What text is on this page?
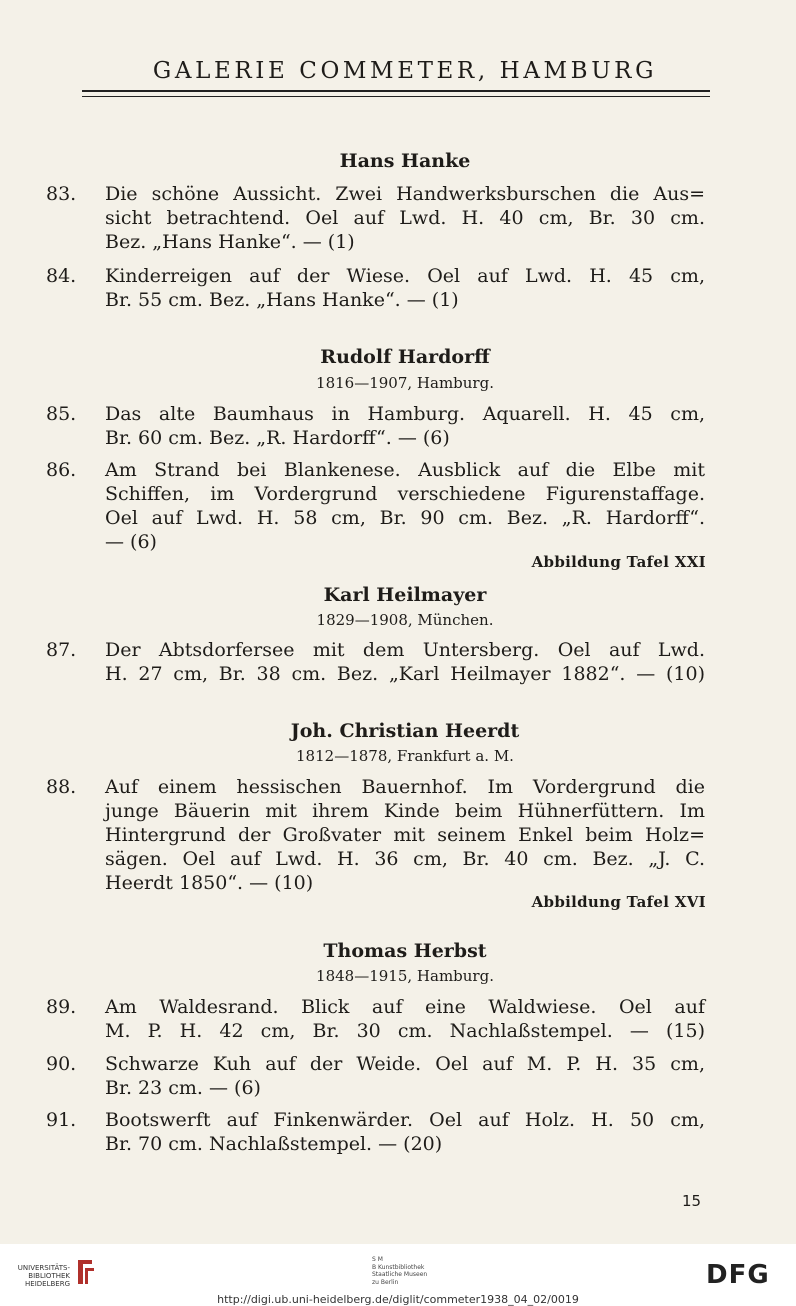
GALERIE COMMETER, HAMBURG
Hans Hanke
83.	Die schöne Aussicht. Zwei Handwerksburschen die Aus=
sicht betrachtend. Oel auf Lwd. H. 40 cm, Br. 30 cm.
Bez. „Hans Hanke“. — (1)
84.	Kinderreigen auf der Wiese. Oel auf Lwd. H. 45 cm,
Br. 55 cm. Bez. „Hans Hanke“. — (1)
Rudolf Hardorff
1816—1907, Hamburg.
85.	Das alte Baumhaus in Hamburg. Aquarell. H. 45 cm,
Br. 60 cm. Bez. „R. Hardorff“. — (6)
86.	Am Strand bei Blankenese. Ausblick auf die Elbe mit
Schiffen, im Vordergrund verschiedene Figurenstaffage.
Oel auf Lwd. H. 58 cm, Br. 90 cm. Bez. „R. Hardorff“.
— (6)
Abbildung Tafel XXI
Karl Heilmayer
1829—1908, München.
87.	Der Abtsdorfersee mit dem Untersberg. Oel auf Lwd.
H. 27 cm, Br. 38 cm. Bez. „Karl Heilmayer 1882“. — (10)
Joh. Christian Heerdt
1812—1878, Frankfurt a. M.
88.	Auf einem hessischen Bauernhof. Im Vordergrund die
junge Bäuerin mit ihrem Kinde beim Hühnerfüttern. Im
Hintergrund der Großvater mit seinem Enkel beim Holz=
sägen. Oel auf Lwd. H. 36 cm, Br. 40 cm. Bez. „J. C.
Heerdt 1850“. — (10)
Abbildung Tafel XVI
Thomas Herbst
1848—1915, Hamburg.
89.	Am Waldesrand. Blick auf eine Waldwiese. Oel auf
M. P. H. 42 cm, Br. 30 cm. Nachlaßstempel. — (15)
90.	Schwarze Kuh auf der Weide. Oel auf M. P. H. 35 cm,
Br. 23 cm. — (6)
91.	Bootswerft auf Finkenwärder. Oel auf Holz. H. 50 cm,
Br. 70 cm. Nachlaßstempel. — (20)
15
UNIVERSITÄTS-
BIBLIOTHEK
HEIDELBERG
S M
B Kunstbibliothek
Staatliche Museen
zu Berlin	DFG
http://digi.ub.uni-heidelberg.de/diglit/commeter1938_04_02/0019
